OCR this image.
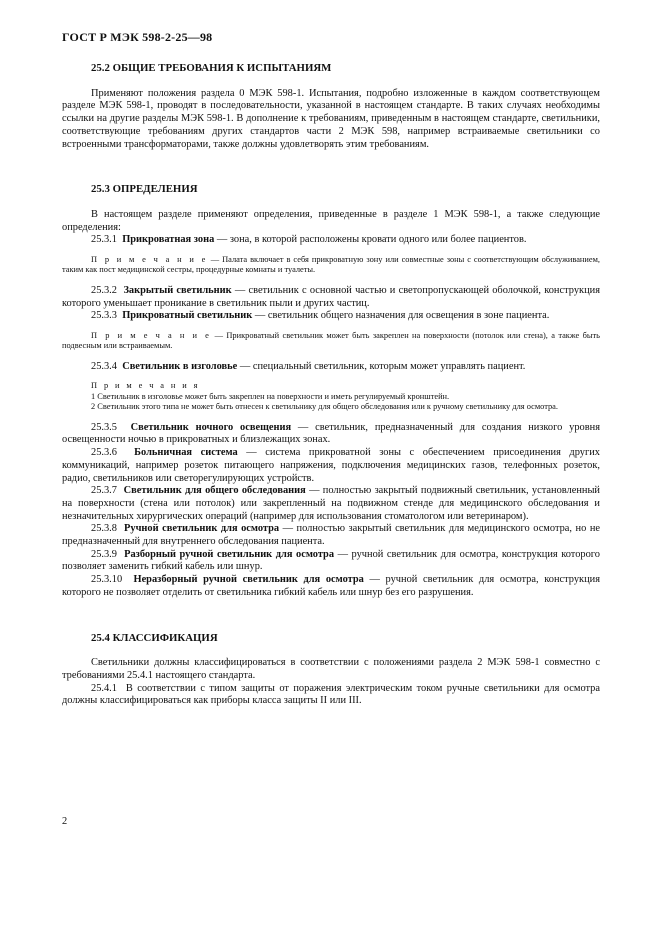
ГОСТ Р МЭК 598-2-25—98

25.2 ОБЩИЕ ТРЕБОВАНИЯ К ИСПЫТАНИЯМ

Применяют положения раздела 0 МЭК 598-1. Испытания, подробно изложенные в каждом соответствующем разделе МЭК 598-1, проводят в последовательности, указанной в настоящем стандарте. В таких случаях необходимы ссылки на другие разделы МЭК 598-1. В дополнение к требованиям, приведенным в настоящем стандарте, светильники, соответствующие требованиям других стандартов части 2 МЭК 598, например встраиваемые светильники со встроенными трансформаторами, также должны удовлетворять этим требованиям.

25.3 ОПРЕДЕЛЕНИЯ

В настоящем разделе применяют определения, приведенные в разделе 1 МЭК 598-1, а также следующие определения:

25.3.1 Прикроватная зона — зона, в которой расположены кровати одного или более пациентов.

П р и м е ч а н и е — Палата включает в себя прикроватную зону или совместные зоны с соответствующим обслуживанием, таким как пост медицинской сестры, процедурные комнаты и туалеты.

25.3.2 Закрытый светильник — светильник с основной частью и светопропускающей оболочкой, конструкция которого уменьшает проникание в светильник пыли и других частиц.

25.3.3 Прикроватный светильник — светильник общего назначения для освещения в зоне пациента.

П р и м е ч а н и е — Прикроватный светильник может быть закреплен на поверхности (потолок или стена), а также быть подвесным или встраиваемым.

25.3.4 Светильник в изголовье — специальный светильник, которым может управлять пациент.

П р и м е ч а н и я

1 Светильник в изголовье может быть закреплен на поверхности и иметь регулируемый кронштейн.

2 Светильник этого типа не может быть отнесен к светильнику для общего обследования или к ручному светильнику для осмотра.

25.3.5 Светильник ночного освещения — светильник, предназначенный для создания низкого уровня освещенности ночью в прикроватных и близлежащих зонах.

25.3.6 Больничная система — система прикроватной зоны с обеспечением присоединения других коммуникаций, например розеток питающего напряжения, подключения медицинских газов, телефонных розеток, радио, светильников или светорегулирующих устройств.

25.3.7 Светильник для общего обследования — полностью закрытый подвижный светильник, установленный на поверхности (стена или потолок) или закрепленный на подвижном стенде для медицинского обследования и незначительных хирургических операций (например для использования стоматологом или ветеринаром).

25.3.8 Ручной светильник для осмотра — полностью закрытый светильник для медицинского осмотра, но не предназначенный для внутреннего обследования пациента.

25.3.9 Разборный ручной светильник для осмотра — ручной светильник для осмотра, конструкция которого позволяет заменить гибкий кабель или шнур.

25.3.10 Неразборный ручной светильник для осмотра — ручной светильник для осмотра, конструкция которого не позволяет отделить от светильника гибкий кабель или шнур без его разрушения.

25.4 КЛАССИФИКАЦИЯ

Светильники должны классифицироваться в соответствии с положениями раздела 2 МЭК 598-1 совместно с требованиями 25.4.1 настоящего стандарта.

25.4.1 В соответствии с типом защиты от поражения электрическим током ручные светильники для осмотра должны классифицироваться как приборы класса защиты II или III.

2
